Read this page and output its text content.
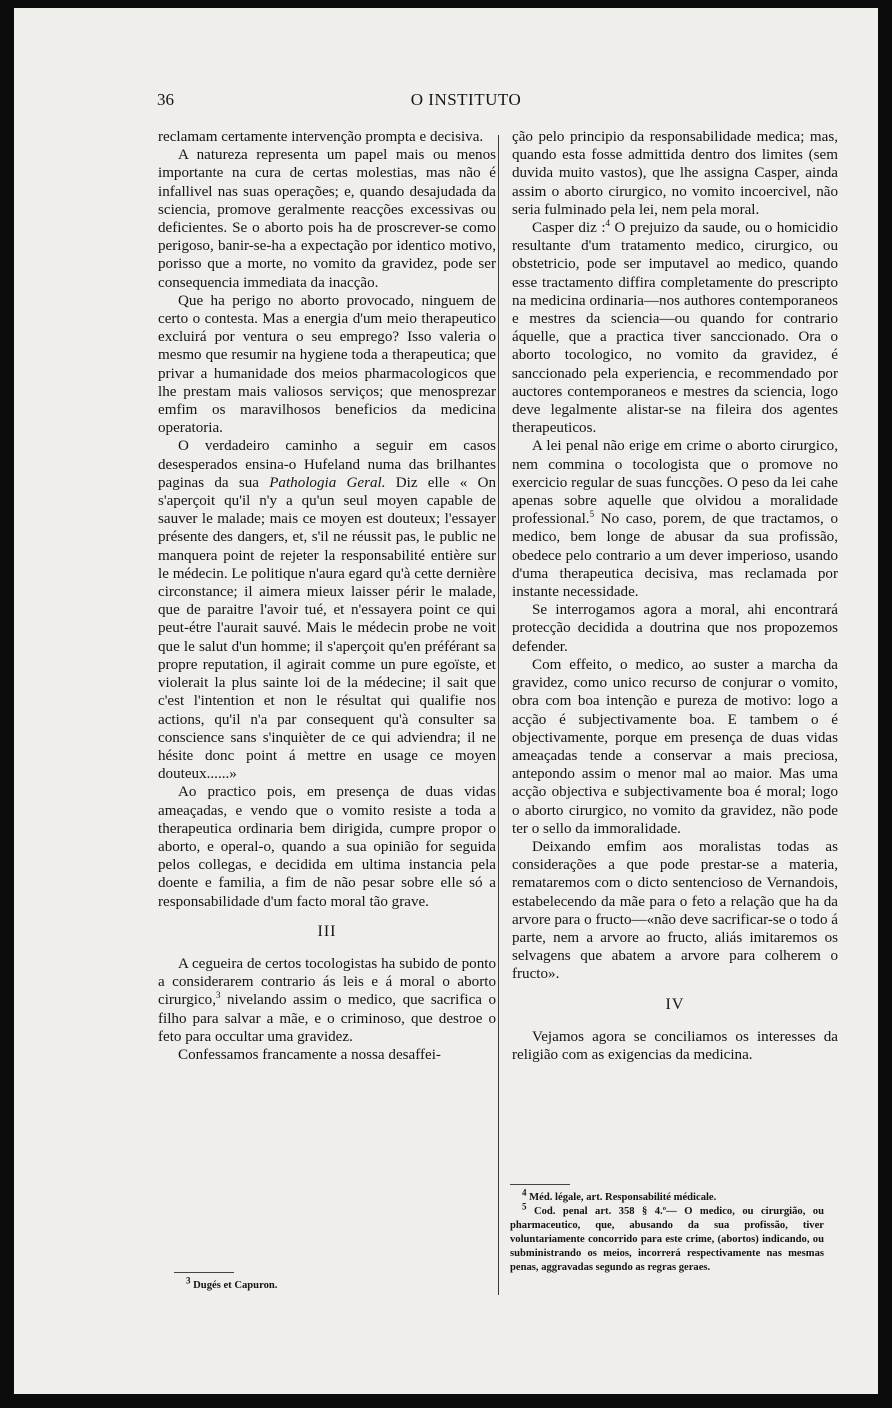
36	O INSTITUTO

reclamam certamente intervenção prompta e decisiva.

A natureza representa um papel mais ou menos importante na cura de certas molestias, mas não é infallivel nas suas operações; e, quando desajudada da sciencia, promove geralmente reacções excessivas ou deficientes. Se o aborto pois ha de proscrever-se como perigoso, banir-se-ha a expectação por identico motivo, porisso que a morte, no vomito da gravidez, pode ser consequencia immediata da inacção.

Que ha perigo no aborto provocado, ninguem de certo o contesta. Mas a energia d'um meio therapeutico excluirá por ventura o seu emprego? Isso valeria o mesmo que resumir na hygiene toda a therapeutica; que privar a humanidade dos meios pharmacologicos que lhe prestam mais valiosos serviços; que menosprezar emfim os maravilhosos beneficios da medicina operatoria.

O verdadeiro caminho a seguir em casos desesperados ensina-o Hufeland numa das brilhantes paginas da sua Pathologia Geral. Diz elle « On s'aperçoit qu'il n'y a qu'un seul moyen capable de sauver le malade; mais ce moyen est douteux; l'essayer présente des dangers, et, s'il ne réussit pas, le public ne manquera point de rejeter la responsabilité entière sur le médecin. Le politique n'aura egard qu'à cette dernière circonstance; il aimera mieux laisser périr le malade, que de paraitre l'avoir tué, et n'essayera point ce qui peut-étre l'aurait sauvé. Mais le médecin probe ne voit que le salut d'un homme; il s'aperçoit qu'en préférant sa propre reputation, il agirait comme un pure egoïste, et violerait la plus sainte loi de la médecine; il sait que c'est l'intention et non le résultat qui qualifie nos actions, qu'il n'a par consequent qu'à consulter sa conscience sans s'inquièter de ce qui adviendra; il ne hésite donc point á mettre en usage ce moyen douteux......»

Ao practico pois, em presença de duas vidas ameaçadas, e vendo que o vomito resiste a toda a therapeutica ordinaria bem dirigida, cumpre propor o aborto, e operal-o, quando a sua opinião for seguida pelos collegas, e decidida em ultima instancia pela doente e familia, a fim de não pesar sobre elle só a responsabilidade d'um facto moral tão grave.

III

A cegueira de certos tocologistas ha subido de ponto a considerarem contrario ás leis e á moral o aborto cirurgico,$^3$ nivelando assim o medico, que sacrifica o filho para salvar a mãe, e o criminoso, que destroe o feto para occultar uma gravidez.

Confessamos francamente a nossa desaffei-

ção pelo principio da responsabilidade medica; mas, quando esta fosse admittida dentro dos limites (sem duvida muito vastos), que lhe assigna Casper, ainda assim o aborto cirurgico, no vomito incoercivel, não seria fulminado pela lei, nem pela moral.

Casper diz :$^4$ O prejuizo da saude, ou o homicidio resultante d'um tratamento medico, cirurgico, ou obstetricio, pode ser imputavel ao medico, quando esse tractamento diffira completamente do prescripto na medicina ordinaria—nos authores contemporaneos e mestres da sciencia—ou quando for contrario áquelle, que a practica tiver sanccionado. Ora o aborto tocologico, no vomito da gravidez, é sanccionado pela experiencia, e recommendado por auctores contemporaneos e mestres da sciencia, logo deve legalmente alistar-se na fileira dos agentes therapeuticos.

A lei penal não erige em crime o aborto cirurgico, nem commina o tocologista que o promove no exercicio regular de suas funcções. O peso da lei cahe apenas sobre aquelle que olvidou a moralidade professional.$^5$ No caso, porem, de que tractamos, o medico, bem longe de abusar da sua profissão, obedece pelo contrario a um dever imperioso, usando d'uma therapeutica decisiva, mas reclamada por instante necessidade.

Se interrogamos agora a moral, ahi encontrará protecção decidida a doutrina que nos propozemos defender.

Com effeito, o medico, ao suster a marcha da gravidez, como unico recurso de conjurar o vomito, obra com boa intenção e pureza de motivo: logo a acção é subjectivamente boa. E tambem o é objectivamente, porque em presença de duas vidas ameaçadas tende a conservar a mais preciosa, antepondo assim o menor mal ao maior. Mas uma acção objectiva e subjectivamente boa é moral; logo o aborto cirurgico, no vomito da gravidez, não pode ter o sello da immoralidade.

Deixando emfim aos moralistas todas as considerações a que pode prestar-se a materia, remataremos com o dicto sentencioso de Vernandois, estabelecendo da mãe para o feto a relação que ha da arvore para o fructo—«não deve sacrificar-se o todo á parte, nem a arvore ao fructo, aliás imitaremos os selvagens que abatem a arvore para colherem o fructo».

IV

Vejamos agora se conciliamos os interesses da religião com as exigencias da medicina.

$^3$ Dugés et Capuron.

$^4$ Méd. légale, art. Responsabilité médicale.

$^5$ Cod. penal art. 358 § 4.º— O medico, ou cirurgião, ou pharmaceutico, que, abusando da sua profissão, tiver voluntariamente concorrido para este crime, (abortos) indicando, ou subministrando os meios, incorrerá respectivamente nas mesmas penas, aggravadas segundo as regras geraes.
